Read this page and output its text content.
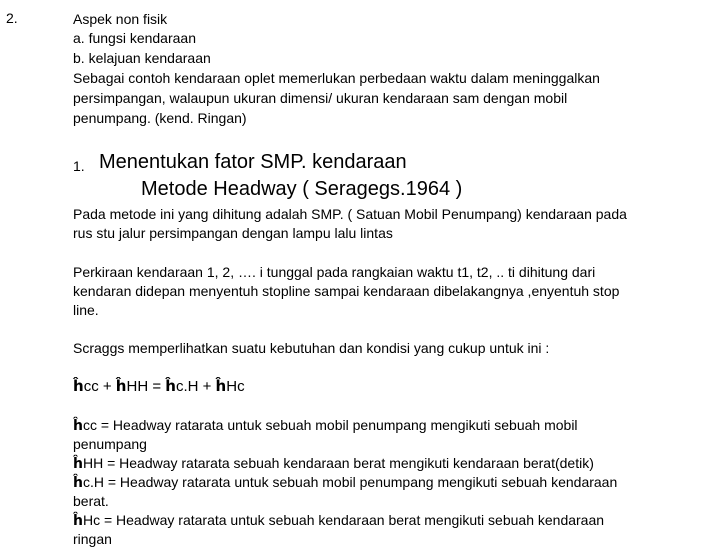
2.	Aspek non fisik
a. fungsi kendaraan
b. kelajuan kendaraan
Sebagai contoh kendaraan oplet memerlukan perbedaan waktu dalam meninggalkan
persimpangan, walaupun ukuran dimensi/ ukuran kendaraan sam dengan mobil
penumpang. (kend. Ringan)
1. Menentukan fator SMP. kendaraan
Metode Headway ( Seragegs.1964 )
Pada metode ini yang dihitung adalah SMP. ( Satuan Mobil Penumpang) kendaraan pada
rus stu jalur persimpangan dengan lampu lalu lintas
Perkiraan kendaraan 1, 2, …. i tunggal pada rangkaian waktu t1, t2, .. ti dihitung dari
kendaran didepan menyentuh stopline sampai kendaraan dibelakangnya ,enyentuh stop
line.
Scraggs memperlihatkan suatu kebutuhan dan kondisi yang cukup untuk ini :
ĥcc + ĥHH = ĥc.H + ĥHc
ĥcc = Headway ratarata untuk sebuah mobil penumpang mengikuti sebuah mobil
penumpang
ĥHH = Headway ratarata sebuah kendaraan berat mengikuti kendaraan berat(detik)
ĥc.H = Headway ratarata untuk sebuah mobil penumpang mengikuti sebuah kendaraan
berat.
ĥHc = Headway ratarata untuk sebuah kendaraan berat mengikuti sebuah kendaraan
ringan
